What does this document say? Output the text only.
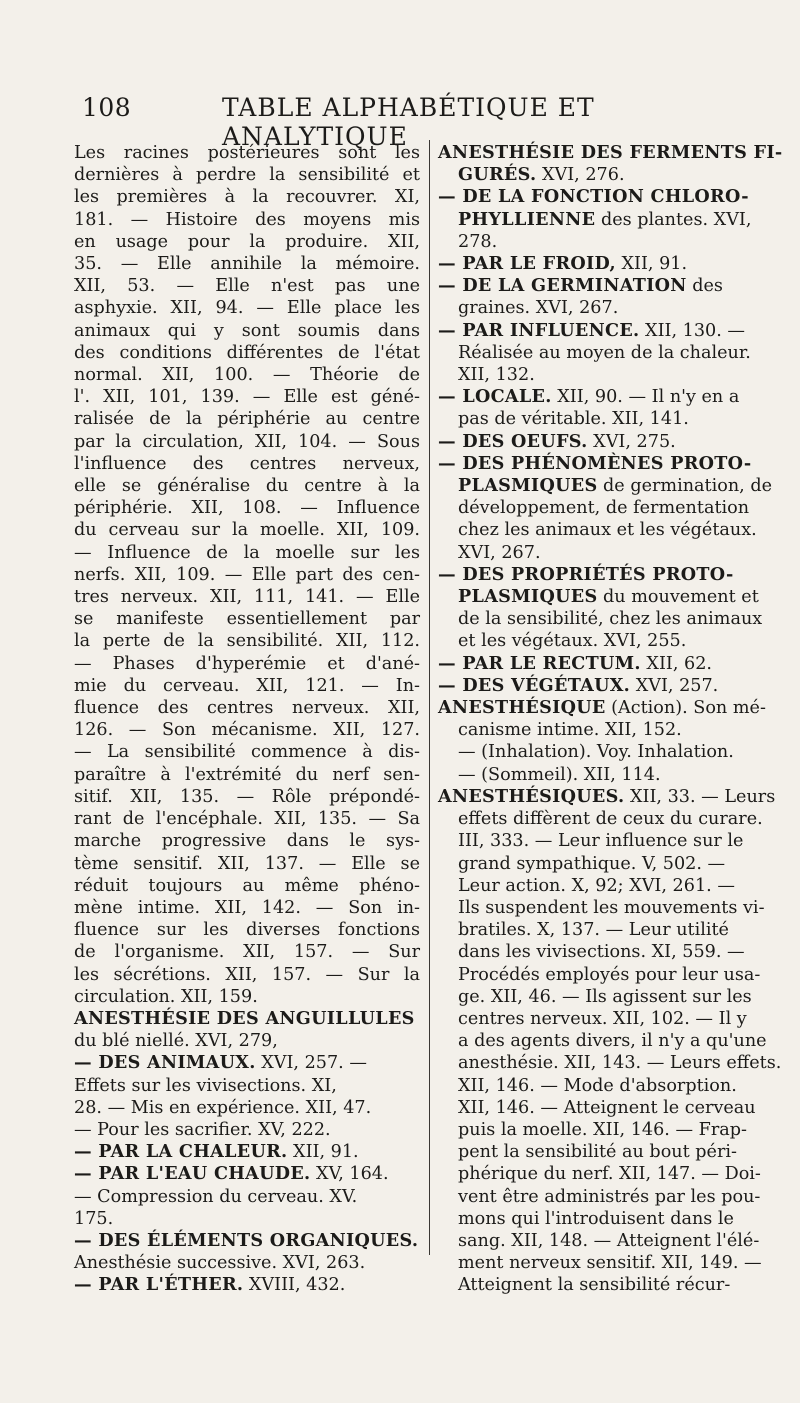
108	TABLE ALPHABÉTIQUE ET ANALYTIQUE
Les racines postérieures sont les
dernières à perdre la sensibilité et
les premières à la recouvrer. XI,
181. — Histoire des moyens mis
en usage pour la produire. XII,
35. — Elle annihile la mémoire.
XII, 53. — Elle n'est pas une
asphyxie. XII, 94. — Elle place les
animaux qui y sont soumis dans
des conditions différentes de l'état
normal. XII, 100. — Théorie de
l'. XII, 101, 139. — Elle est géné-
ralisée de la périphérie au centre
par la circulation, XII, 104. — Sous
l'influence des centres nerveux,
elle se généralise du centre à la
périphérie. XII, 108. — Influence
du cerveau sur la moelle. XII, 109.
— Influence de la moelle sur les
nerfs. XII, 109. — Elle part des cen-
tres nerveux. XII, 111, 141. — Elle
se manifeste essentiellement par
la perte de la sensibilité. XII, 112.
— Phases d'hyperémie et d'ané-
mie du cerveau. XII, 121. — In-
fluence des centres nerveux. XII,
126. — Son mécanisme. XII, 127.
— La sensibilité commence à dis-
paraître à l'extrémité du nerf sen-
sitif. XII, 135. — Rôle prépondé-
rant de l'encéphale. XII, 135. — Sa
marche progressive dans le sys-
tème sensitif. XII, 137. — Elle se
réduit toujours au même phéno-
mène intime. XII, 142. — Son in-
fluence sur les diverses fonctions
de l'organisme. XII, 157. — Sur
les sécrétions. XII, 157. — Sur la
circulation. XII, 159.
ANESTHÉSIE DES ANGUILLULES
du blé niellé. XVI, 279,
— DES ANIMAUX. XVI, 257. —
Effets sur les vivisections. XI,
28. — Mis en expérience. XII, 47.
— Pour les sacrifier. XV, 222.
— PAR LA CHALEUR. XII, 91.
— PAR L'EAU CHAUDE. XV, 164.
— Compression du cerveau. XV.
175.
— DES ÉLÉMENTS ORGANIQUES.
Anesthésie successive. XVI, 263.
— PAR L'ÉTHER. XVIII, 432.
ANESTHÉSIE DES FERMENTS FI-
GURÉS. XVI, 276.
— DE LA FONCTION CHLORO-
PHYLLIENNE des plantes. XVI,
278.
— PAR LE FROID, XII, 91.
— DE LA GERMINATION des
graines. XVI, 267.
— PAR INFLUENCE. XII, 130. —
Réalisée au moyen de la chaleur.
XII, 132.
— LOCALE. XII, 90. — Il n'y en a
pas de véritable. XII, 141.
— DES OEUFS. XVI, 275.
— DES PHÉNOMÈNES PROTO-
PLASMIQUES de germination, de
développement, de fermentation
chez les animaux et les végétaux.
XVI, 267.
— DES PROPRIÉTÉS PROTO-
PLASMIQUES du mouvement et
de la sensibilité, chez les animaux
et les végétaux. XVI, 255.
— PAR LE RECTUM. XII, 62.
— DES VÉGÉTAUX. XVI, 257.
ANESTHÉSIQUE (Action). Son mé-
canisme intime. XII, 152.
— (Inhalation). Voy. Inhalation.
— (Sommeil). XII, 114.
ANESTHÉSIQUES. XII, 33. — Leurs
effets diffèrent de ceux du curare.
III, 333. — Leur influence sur le
grand sympathique. V, 502. —
Leur action. X, 92; XVI, 261. —
Ils suspendent les mouvements vi-
bratiles. X, 137. — Leur utilité
dans les vivisections. XI, 559. —
Procédés employés pour leur usa-
ge. XII, 46. — Ils agissent sur les
centres nerveux. XII, 102. — Il y
a des agents divers, il n'y a qu'une
anesthésie. XII, 143. — Leurs effets.
XII, 146. — Mode d'absorption.
XII, 146. — Atteignent le cerveau
puis la moelle. XII, 146. — Frap-
pent la sensibilité au bout péri-
phérique du nerf. XII, 147. — Doi-
vent être administrés par les pou-
mons qui l'introduisent dans le
sang. XII, 148. — Atteignent l'élé-
ment nerveux sensitif. XII, 149. —
Atteignent la sensibilité récur-
